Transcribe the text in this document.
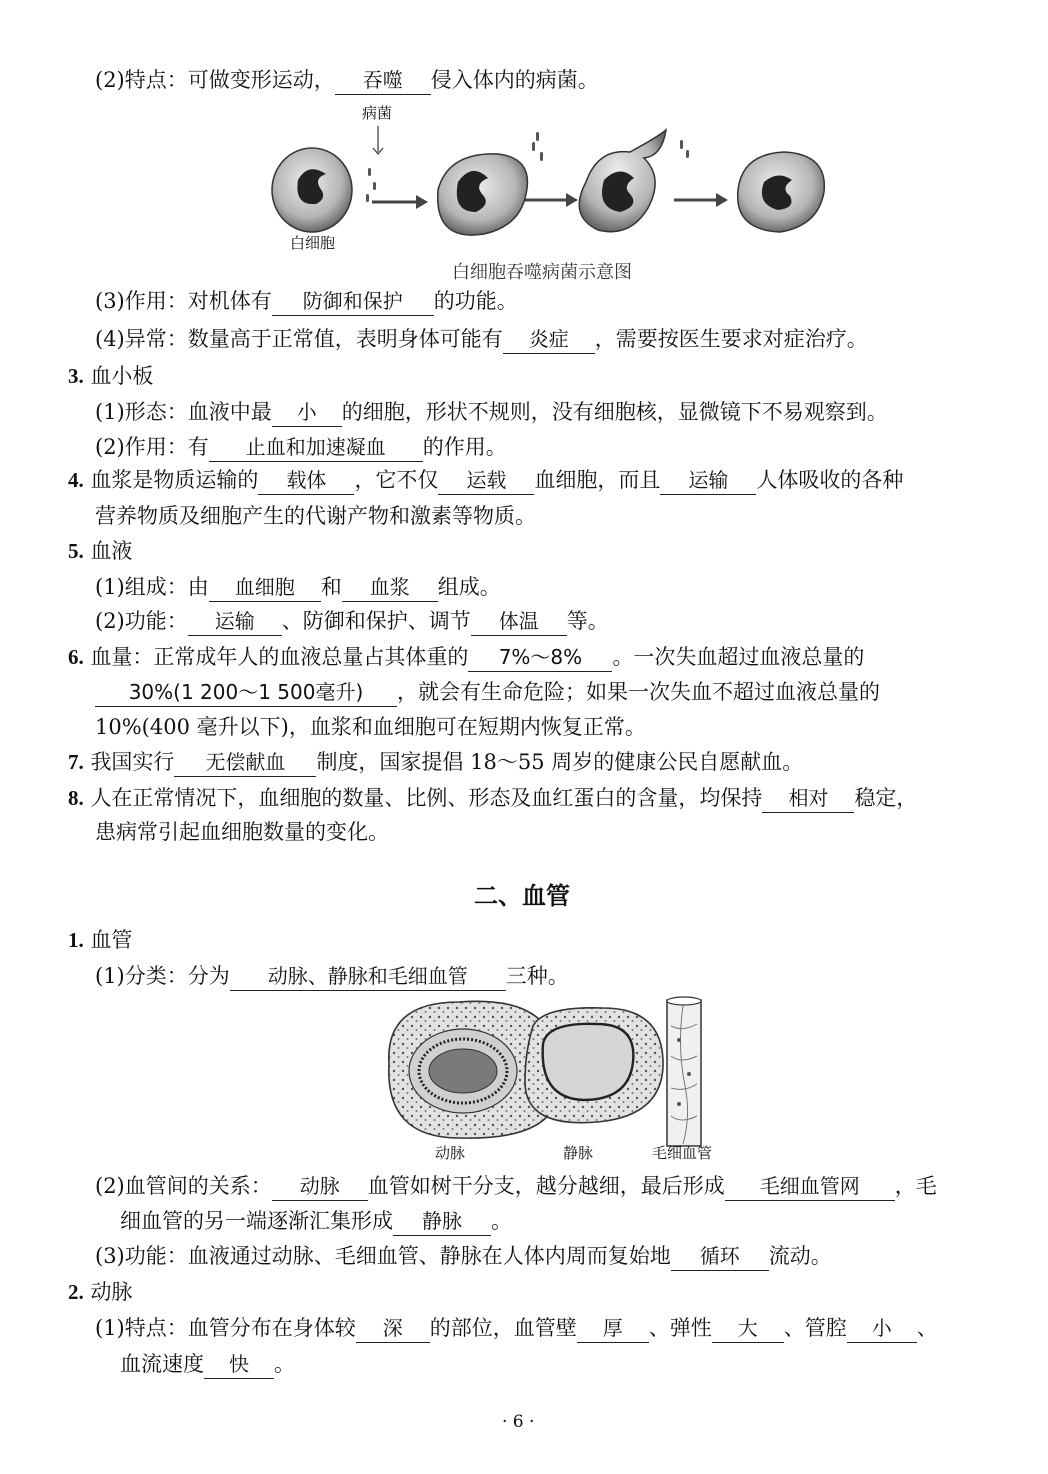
(2)特点：可做变形运动， 吞噬 侵入体内的病菌。
病菌
白细胞
白细胞吞噬病菌示意图
(3)作用：对机体有 防御和保护 的功能。
(4)异常：数量高于正常值，表明身体可能有 炎症 ，需要按医生要求对症治疗。
3. 血小板
(1)形态：血液中最 小 的细胞，形状不规则，没有细胞核，显微镜下不易观察到。
(2)作用：有 止血和加速凝血 的作用。
4. 血浆是物质运输的 载体 ，它不仅 运载 血细胞，而且 运输 人体吸收的各种
营养物质及细胞产生的代谢产物和激素等物质。
5. 血液
(1)组成：由 血细胞 和 血浆 组成。
(2)功能： 运输 、防御和保护、调节 体温 等。
6. 血量：正常成年人的血液总量占其体重的 7%～8% 。一次失血超过血液总量的
30%(1 200～1 500毫升) ，就会有生命危险；如果一次失血不超过血液总量的
10%(400 毫升以下)，血浆和血细胞可在短期内恢复正常。
7. 我国实行 无偿献血 制度，国家提倡 18～55 周岁的健康公民自愿献血。
8. 人在正常情况下，血细胞的数量、比例、形态及血红蛋白的含量，均保持 相对 稳定，
患病常引起血细胞数量的变化。
二、血管
1. 血管
(1)分类：分为 动脉、静脉和毛细血管 三种。
动脉	静脉	毛细血管
(2)血管间的关系： 动脉 血管如树干分支，越分越细，最后形成 毛细血管网 ，毛
细血管的另一端逐渐汇集形成 静脉 。
(3)功能：血液通过动脉、毛细血管、静脉在人体内周而复始地 循环 流动。
2. 动脉
(1)特点：血管分布在身体较 深 的部位，血管壁 厚 、弹性 大 、管腔 小 、
血流速度 快 。
· 6 ·
